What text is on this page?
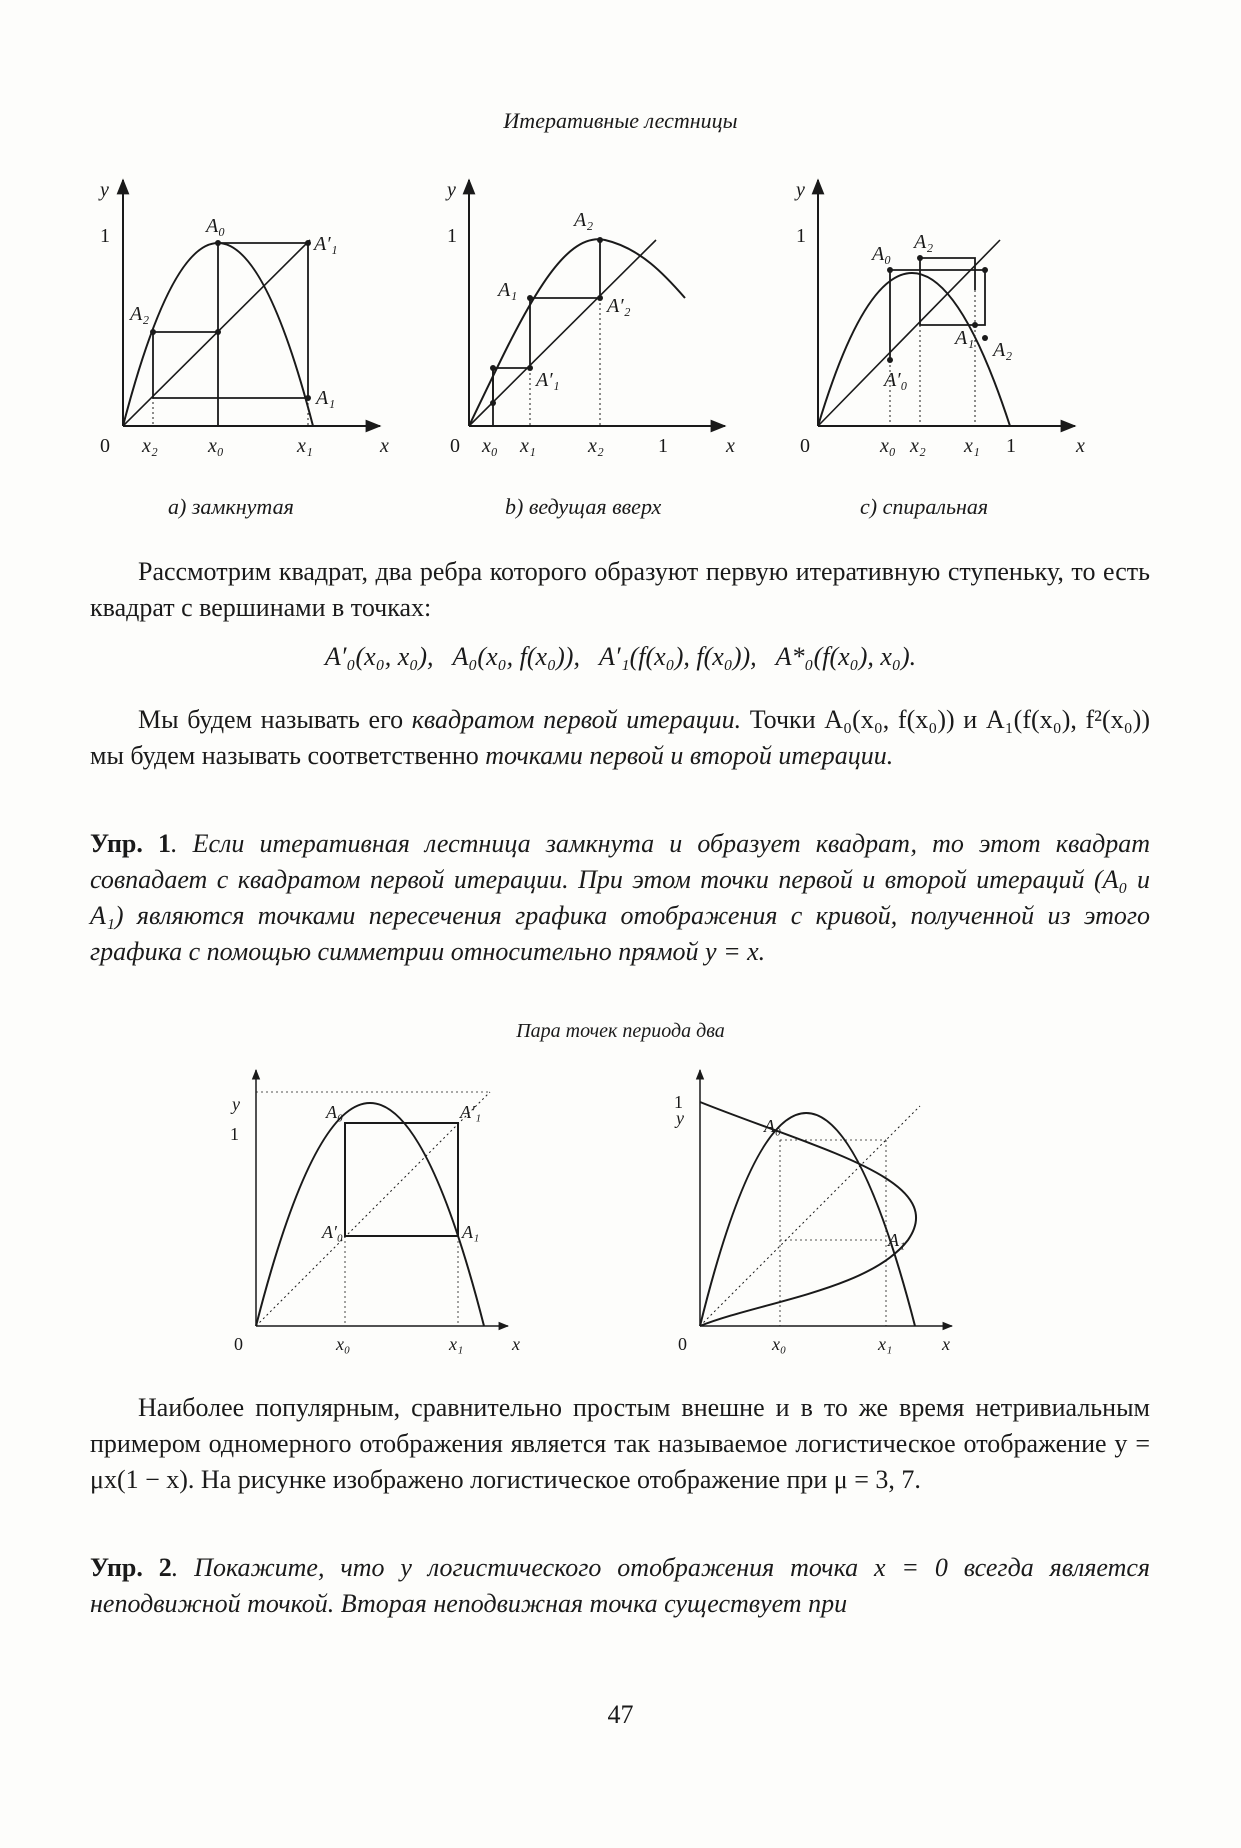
Итеративные лестницы
y
1
0	x
x₂	x₀	x₁
A₀
A′₁
A₂
A₁
y
1
0	x
x₀ x₁	x₂	1
A₂
A₁
A′₂
A′₁
y
1
0	x
x₀ x₂ x₁ 1
A₀
A₂
A₁
A₂
A′₀
a) замкнутая	b) ведущая вверх	c) спиральная
Рассмотрим квадрат, два ребра которого образуют первую итеративную ступеньку, то есть квадрат с вершинами в точках:
A′₀(x₀, x₀),   A₀(x₀, f(x₀)),   A′₁(f(x₀), f(x₀)),   A*₀(f(x₀), x₀).
Мы будем называть его квадратом первой итерации. Точки A₀(x₀, f(x₀)) и A₁(f(x₀), f²(x₀)) мы будем называть соответственно точками первой и второй итерации.
Упр. 1. Если итеративная лестница замкнута и образует квадрат, то этот квадрат совпадает с квадратом первой итерации. При этом точки первой и второй итераций (A₀ и A₁) являются точками пересечения графика отображения с кривой, полученной из этого графика с помощью симметрии относительно прямой y = x.
Пара точек периода два
y
1
0	x₀	x₁	x
A₀	A′₁
A′₀	A₁
y
1
0	x₀	x₁	x
A₀
A₁
Наиболее популярным, сравнительно простым внешне и в то же время нетривиальным примером одномерного отображения является так называемое логистическое отображение y = μx(1 − x). На рисунке изображено логистическое отображение при μ = 3, 7.
Упр. 2. Покажите, что у логистического отображения точка x = 0 всегда является неподвижной точкой. Вторая неподвижная точка существует при
47
